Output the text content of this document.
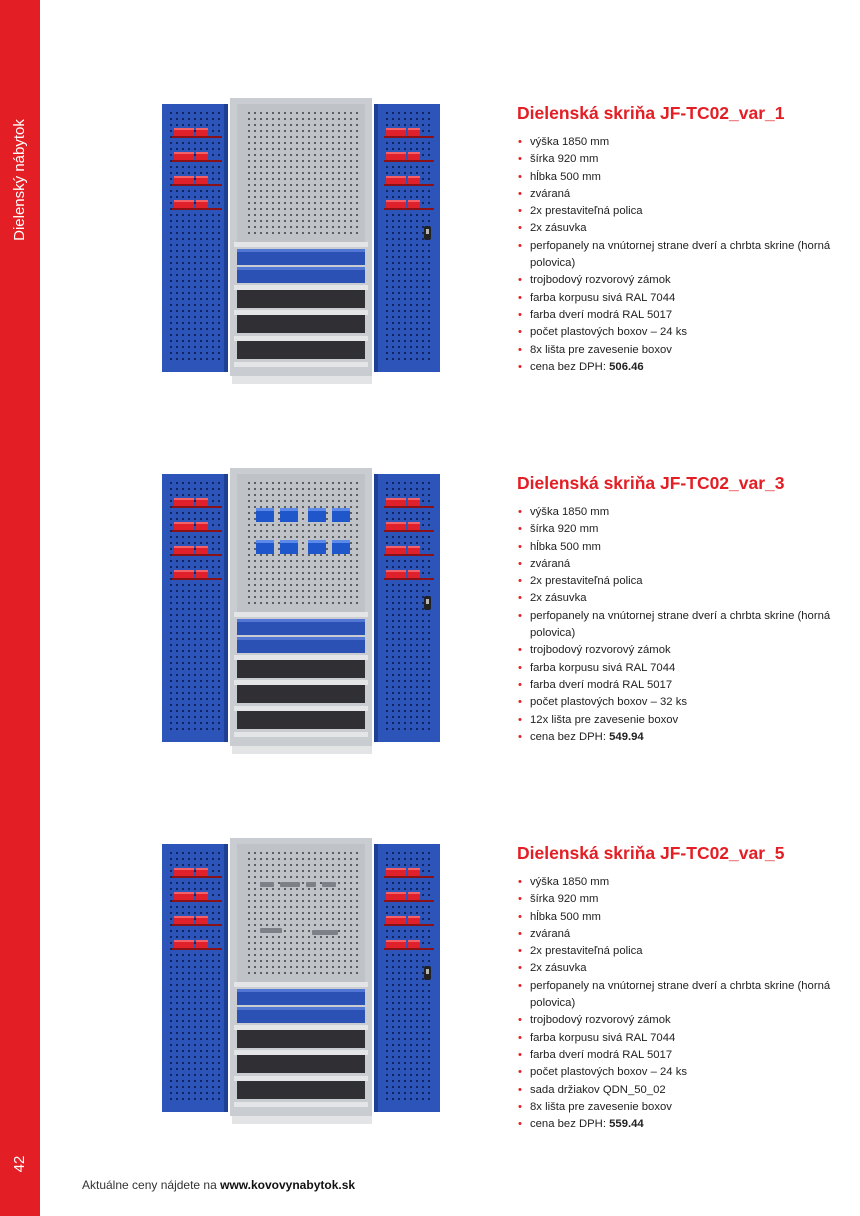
Dielenský nábytok
42
Dielenská skriňa JF-TC02_var_1
• výška 1850 mm
• šírka 920 mm
• hĺbka 500 mm
• zváraná
• 2x prestaviteľná polica
• 2x zásuvka
• perfopanely na vnútornej strane dverí a chrbta skrine (horná polovica)
• trojbodový rozvorový zámok
• farba korpusu sivá RAL 7044
• farba dverí modrá RAL 5017
• počet plastových boxov – 24 ks
• 8x lišta pre zavesenie boxov
• cena bez DPH: 506.46
Dielenská skriňa JF-TC02_var_3
• výška 1850 mm
• šírka 920 mm
• hĺbka 500 mm
• zváraná
• 2x prestaviteľná polica
• 2x zásuvka
• perfopanely na vnútornej strane dverí a chrbta skrine (horná polovica)
• trojbodový rozvorový zámok
• farba korpusu sivá RAL 7044
• farba dverí modrá RAL 5017
• počet plastových boxov – 32 ks
• 12x lišta pre zavesenie boxov
• cena bez DPH: 549.94
Dielenská skriňa JF-TC02_var_5
• výška 1850 mm
• šírka 920 mm
• hĺbka 500 mm
• zváraná
• 2x prestaviteľná polica
• 2x zásuvka
• perfopanely na vnútornej strane dverí a chrbta skrine (horná polovica)
• trojbodový rozvorový zámok
• farba korpusu sivá RAL 7044
• farba dverí modrá RAL 5017
• počet plastových boxov – 24 ks
• sada držiakov QDN_50_02
• 8x lišta pre zavesenie boxov
• cena bez DPH: 559.44
Aktuálne ceny nájdete na www.kovovynabytok.sk
